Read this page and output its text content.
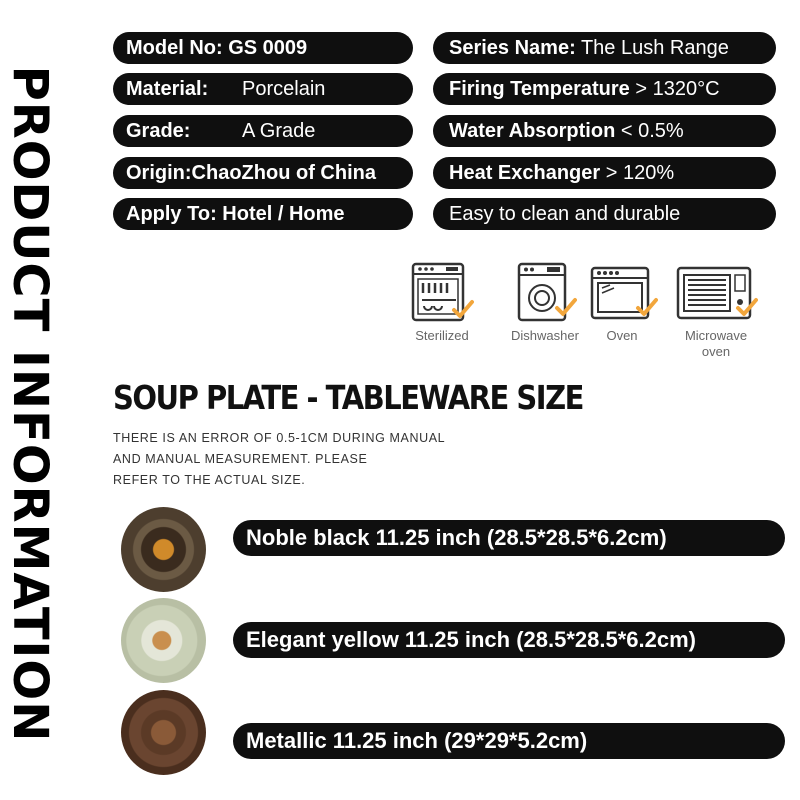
PRODUCT INFORMATION
Model No: GS 0009
Material: Porcelain
Grade:	A Grade
Origin:ChaoZhou of China
Apply To: Hotel / Home
Series Name: The Lush Range
Firing Temperature > 1320°C
Water Absorption < 0.5%
Heat Exchanger > 120%
Easy to clean and durable
Sterilized	Dishwasher	Oven	Microwave oven
SOUP PLATE - TABLEWARE SIZE
THERE IS AN ERROR OF 0.5-1CM DURING MANUAL
AND MANUAL MEASUREMENT. PLEASE
REFER TO THE ACTUAL SIZE.
Noble black 11.25 inch (28.5*28.5*6.2cm)
Elegant yellow 11.25 inch (28.5*28.5*6.2cm)
Metallic 11.25 inch (29*29*5.2cm)
